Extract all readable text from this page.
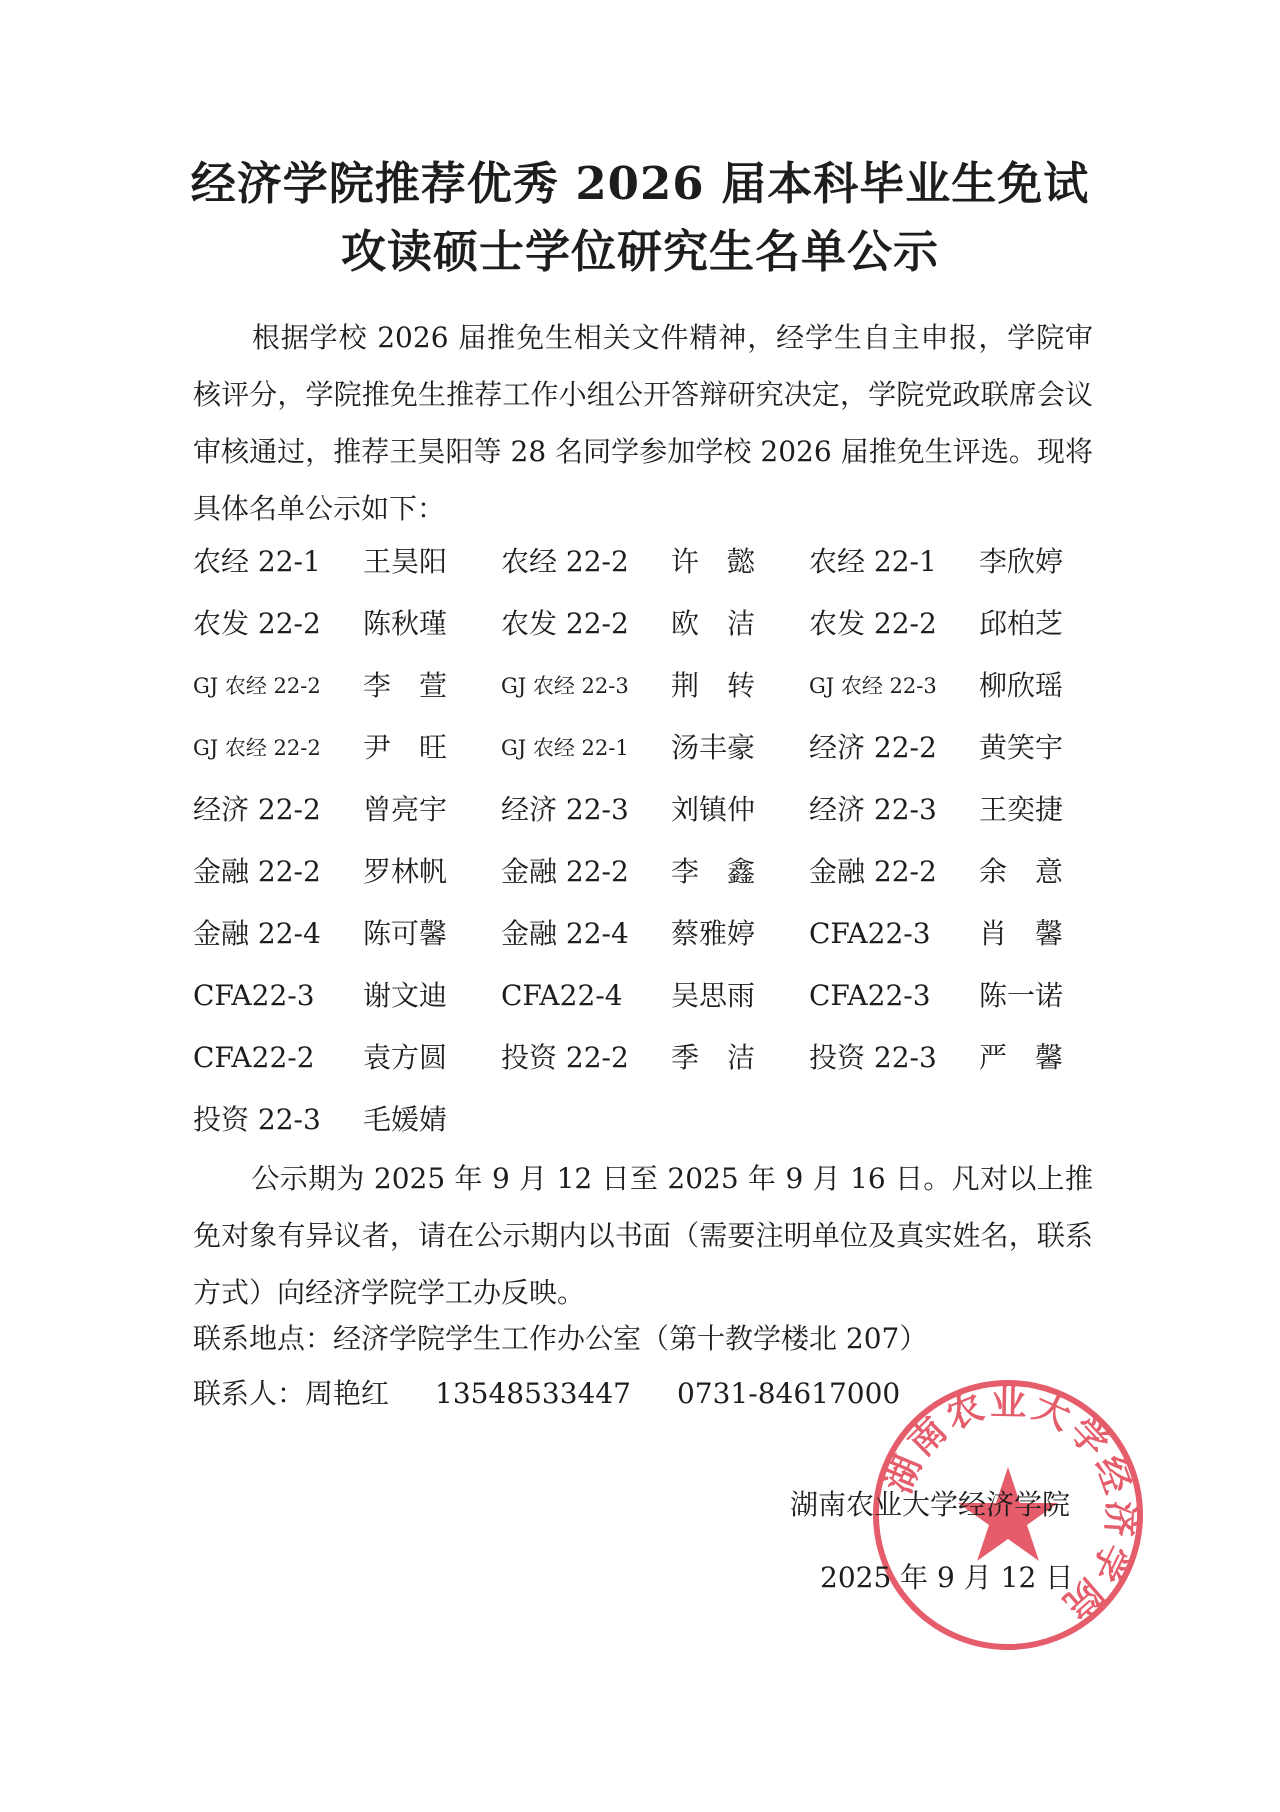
经济学院推荐优秀 2026 届本科毕业生免试
攻读硕士学位研究生名单公示

根据学校 2026 届推免生相关文件精神，经学生自主申报，学院审核评分，学院推免生推荐工作小组公开答辩研究决定，学院党政联席会议审核通过，推荐王昊阳等 28 名同学参加学校 2026 届推免生评选。现将具体名单公示如下：

农经 22-1 王昊阳 农经 22-2 许懿 农经 22-1 李欣婷
农发 22-2 陈秋瑾 农发 22-2 欧洁 农发 22-2 邱柏芝
GJ 农经 22-2 李萱 GJ 农经 22-3 荆转 GJ 农经 22-3 柳欣瑶
GJ 农经 22-2 尹旺 GJ 农经 22-1 汤丰豪 经济 22-2 黄笑宇
经济 22-2 曾亮宇 经济 22-3 刘镇仲 经济 22-3 王奕捷
金融 22-2 罗林帆 金融 22-2 李鑫 金融 22-2 余意
金融 22-4 陈可馨 金融 22-4 蔡雅婷 CFA22-3 肖馨
CFA22-3 谢文迪 CFA22-4 吴思雨 CFA22-3 陈一诺
CFA22-2 袁方圆 投资 22-2 季洁 投资 22-3 严馨
投资 22-3 毛媛婧

公示期为 2025 年 9 月 12 日至 2025 年 9 月 16 日。凡对以上推免对象有异议者，请在公示期内以书面（需要注明单位及真实姓名，联系方式）向经济学院学工办反映。

联系地点：经济学院学生工作办公室（第十教学楼北 207）
联系人：周艳红 13548533447 0731-84617000
湖南农业大学经济学院
湖南农业大学经济学院
2025 年 9 月 12 日
